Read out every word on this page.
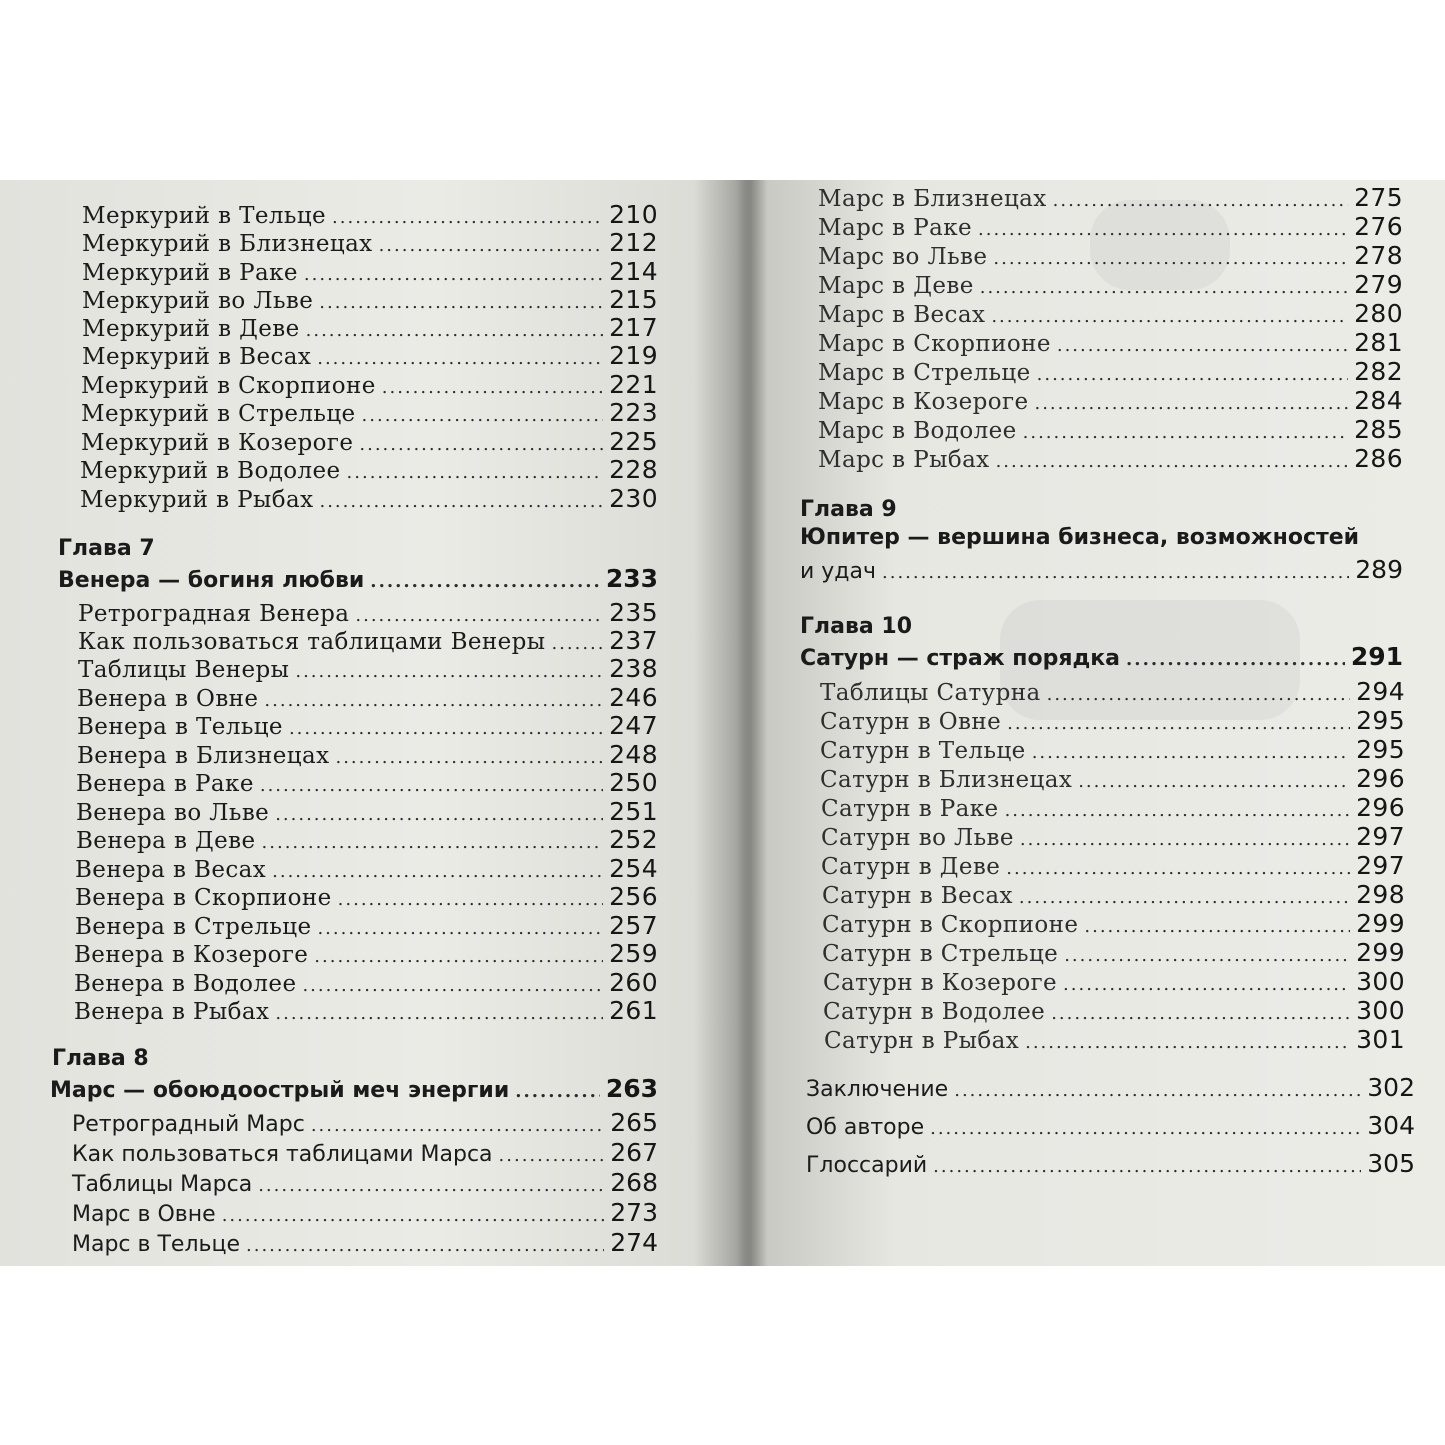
Меркурий в Тельце .....	210
Меркурий в Близнецах .....	212
Меркурий в Раке .....	214
Меркурий во Льве .....	215
Меркурий в Деве .....	217
Меркурий в Весах .....	219
Меркурий в Скорпионе .....	221
Меркурий в Стрельце .....	223
Меркурий в Козероге .....	225
Меркурий в Водолее .....	228
Меркурий в Рыбах .....	230
Глава 7
Венера — богиня любви .....	233
Ретроградная Венера .....	235
Как пользоваться таблицами Венеры .....	237
Таблицы Венеры .....	238
Венера в Овне .....	246
Венера в Тельце .....	247
Венера в Близнецах .....	248
Венера в Раке .....	250
Венера во Льве .....	251
Венера в Деве .....	252
Венера в Весах .....	254
Венера в Скорпионе .....	256
Венера в Стрельце .....	257
Венера в Козероге .....	259
Венера в Водолее .....	260
Венера в Рыбах .....	261
Глава 8
Марс — обоюдоострый меч энергии .....	263
Ретроградный Марс .....	265
Как пользоваться таблицами Марса .....	267
Таблицы Марса .....	268
Марс в Овне .....	273
Марс в Тельце .....	274
Марс в Близнецах .....	275
Марс в Раке .....	276
Марс во Льве .....	278
Марс в Деве .....	279
Марс в Весах .....	280
Марс в Скорпионе .....	281
Марс в Стрельце .....	282
Марс в Козероге .....	284
Марс в Водолее .....	285
Марс в Рыбах .....	286
Глава 9
Юпитер — вершина бизнеса, возможностей
и удач .....	289
Глава 10
Сатурн — страж порядка .....	291
Таблицы Сатурна .....	294
Сатурн в Овне .....	295
Сатурн в Тельце .....	295
Сатурн в Близнецах .....	296
Сатурн в Раке .....	296
Сатурн во Льве .....	297
Сатурн в Деве .....	297
Сатурн в Весах .....	298
Сатурн в Скорпионе .....	299
Сатурн в Стрельце .....	299
Сатурн в Козероге .....	300
Сатурн в Водолее .....	300
Сатурн в Рыбах .....	301
Заключение .....	302
Об авторе .....	304
Глоссарий .....	305
